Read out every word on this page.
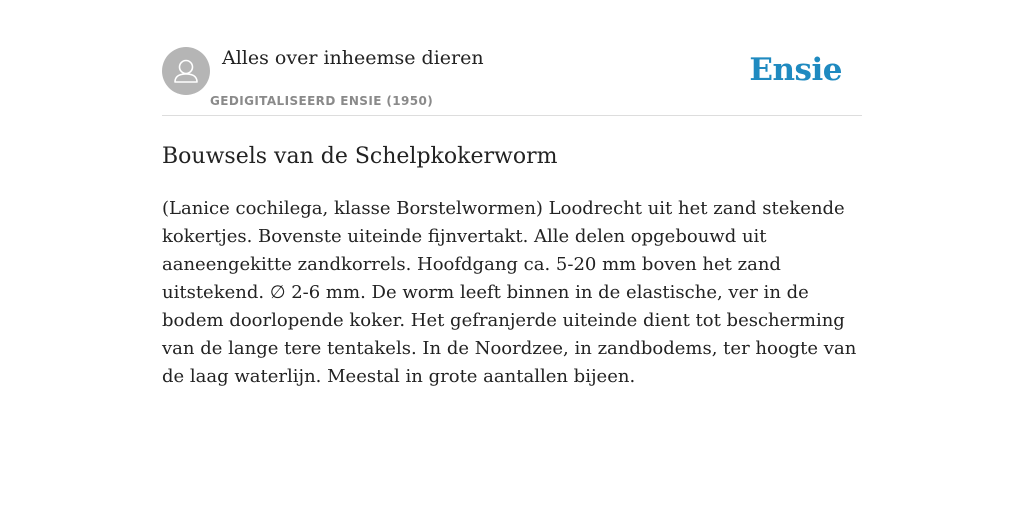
Alles over inheemse dieren
GEDIGITALISEERD ENSIE (1950)
Ensie
Bouwsels van de Schelpkokerworm

(Lanice cochilega, klasse Borstelwormen) Loodrecht uit het zand stekende kokertjes. Bovenste uiteinde fijnvertakt. Alle delen opgebouwd uit aaneengekitte zandkorrels. Hoofdgang ca. 5-20 mm boven het zand uitstekend. ∅ 2-6 mm. De worm leeft binnen in de elastische, ver in de bodem doorlopende koker. Het gefranjerde uiteinde dient tot bescherming van de lange tere tentakels. In de Noordzee, in zandbodems, ter hoogte van de laag waterlijn. Meestal in grote aantallen bijeen.
